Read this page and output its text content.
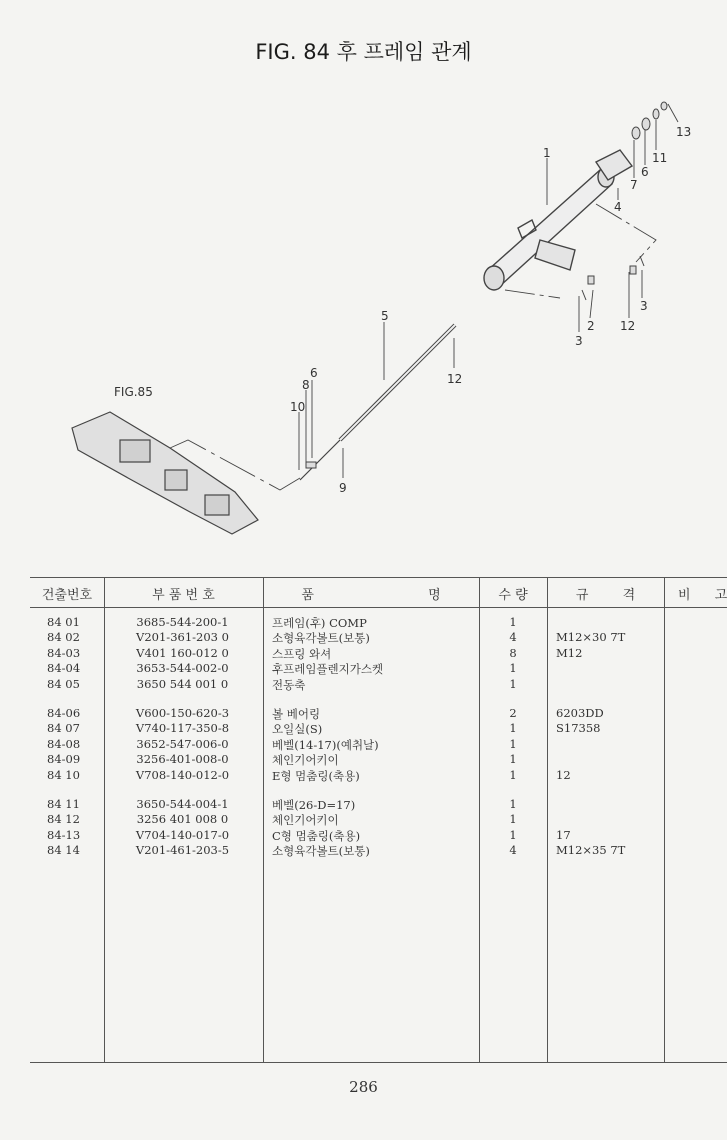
FIG. 84 후 프레임 관계
1
2
3
3
4
5
6
6
7
8
9
10
11
12
12
13
FIG.85
건출번호	부 품 번 호	품 명	수 량	규 격	비 고
84 01	3685-544-200-1	프레임(후) COMP	1
84 02	V201-361-203 0	소형육각볼트(보통)	4	M12×30 7T
84-03	V401 160-012 0	스프링 와셔	8	M12
84-04	3653-544-002-0	후프레임플렌지가스켓	1
84 05	3650 544 001 0	전동축	1
84-06	V600-150-620-3	볼 베어링	2	6203DD
84 07	V740-117-350-8	오일실(S)	1	S17358
84-08	3652-547-006-0	베벨(14-17)(예취날)	1
84-09	3256-401-008-0	체인기어키이	1
84 10	V708-140-012-0	E형 멈춤링(축용)	1	12
84 11	3650-544-004-1	베벨(26-D=17)	1
84 12	3256 401 008 0	체인기어키이	1
84-13	V704-140-017-0	C형 멈춤링(축용)	1	17
84 14	V201-461-203-5	소형육각볼트(보통)	4	M12×35 7T
286
